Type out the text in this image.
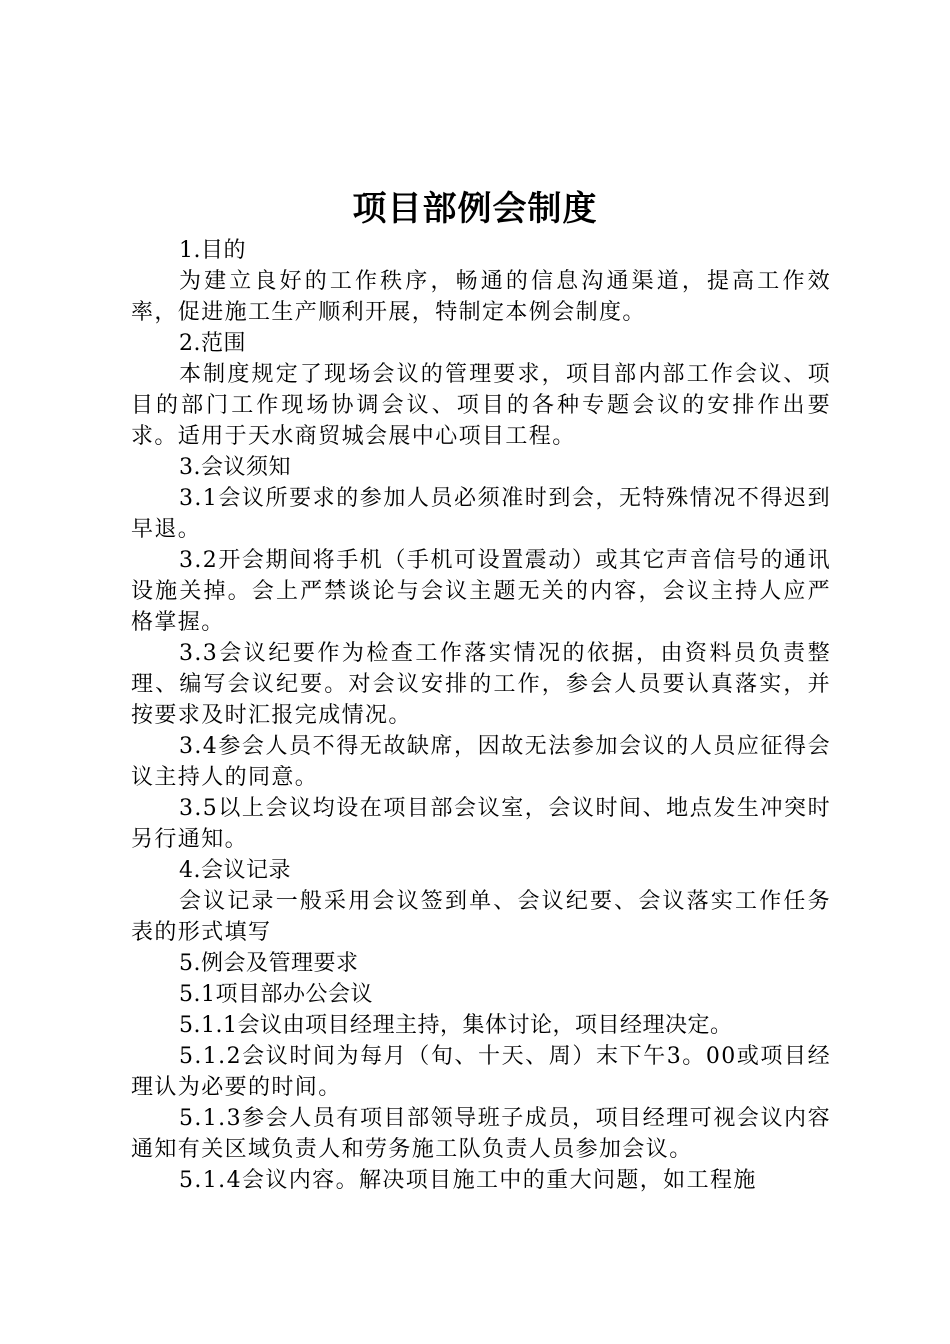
项目部例会制度
1.目的
为建立良好的工作秩序，畅通的信息沟通渠道，提高工作效率，促进施工生产顺利开展，特制定本例会制度。
2.范围
本制度规定了现场会议的管理要求，项目部内部工作会议、项目的部门工作现场协调会议、项目的各种专题会议的安排作出要求。适用于天水商贸城会展中心项目工程。
3.会议须知
3.1会议所要求的参加人员必须准时到会，无特殊情况不得迟到早退。
3.2开会期间将手机（手机可设置震动）或其它声音信号的通讯设施关掉。会上严禁谈论与会议主题无关的内容，会议主持人应严格掌握。
3.3会议纪要作为检查工作落实情况的依据，由资料员负责整理、编写会议纪要。对会议安排的工作，参会人员要认真落实，并按要求及时汇报完成情况。
3.4参会人员不得无故缺席，因故无法参加会议的人员应征得会议主持人的同意。
3.5以上会议均设在项目部会议室，会议时间、地点发生冲突时另行通知。
4.会议记录
会议记录一般采用会议签到单、会议纪要、会议落实工作任务表的形式填写
5.例会及管理要求
5.1项目部办公会议
5.1.1会议由项目经理主持，集体讨论，项目经理决定。
5.1.2会议时间为每月（旬、十天、周）末下午3。00或项目经理认为必要的时间。
5.1.3参会人员有项目部领导班子成员，项目经理可视会议内容通知有关区域负责人和劳务施工队负责人员参加会议。
5.1.4会议内容。解决项目施工中的重大问题，如工程施
